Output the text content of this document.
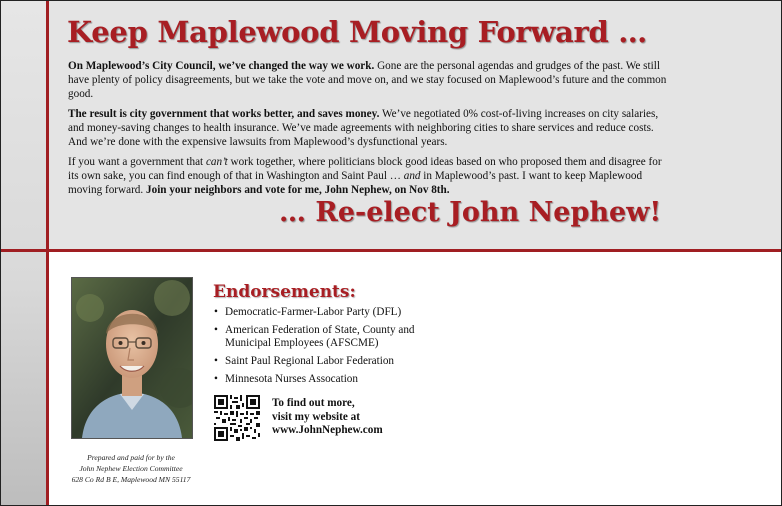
Keep Maplewood Moving Forward …

On Maplewood’s City Council, we’ve changed the way we work. Gone are the personal agendas and grudges of the past. We still have plenty of policy disagreements, but we take the vote and move on, and we stay focused on Maplewood’s future and the common good.

The result is city government that works better, and saves money. We’ve negotiated 0% cost-of-living increases on city salaries, and money-saving changes to health insurance. We’ve made agreements with neighboring cities to share services and reduce costs. And we’re done with the expensive lawsuits from Maplewood’s dysfunctional years.

If you want a government that can’t work together, where politicians block good ideas based on who proposed them and disagree for its own sake, you can find enough of that in Washington and Saint Paul … and in Maplewood’s past. I want to keep Maplewood moving forward. Join your neighbors and vote for me, John Nephew, on Nov 8th.

… Re-elect John Nephew!
Prepared and paid for by the
John Nephew Election Committee
628 Co Rd B E, Maplewood MN 55117
Endorsements:
• Democratic-Farmer-Labor Party (DFL)
• American Federation of State, County and Municipal Employees (AFSCME)
• Saint Paul Regional Labor Federation
• Minnesota Nurses Assocation
To find out more,
visit my website at
www.JohnNephew.com
